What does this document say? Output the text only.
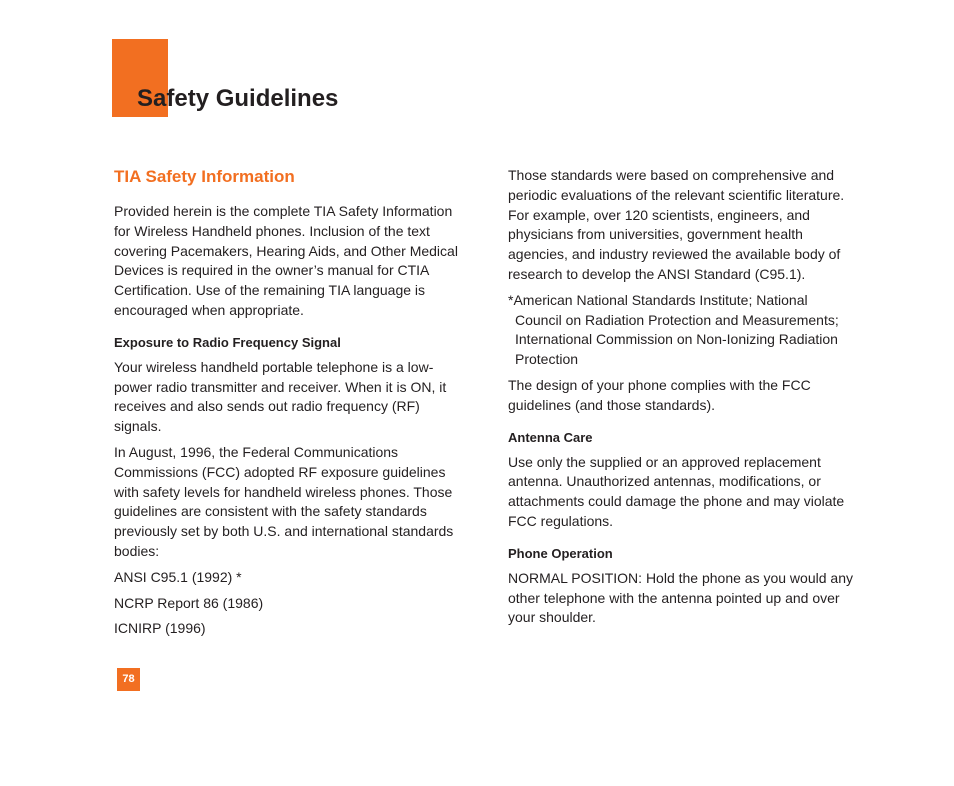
Safety Guidelines
TIA Safety Information

Provided herein is the complete TIA Safety Information for Wireless Handheld phones. Inclusion of the text covering Pacemakers, Hearing Aids, and Other Medical Devices is required in the owner’s manual for CTIA Certification. Use of the remaining TIA language is encouraged when appropriate.

Exposure to Radio Frequency Signal

Your wireless handheld portable telephone is a low-power radio transmitter and receiver. When it is ON, it receives and also sends out radio frequency (RF) signals.

In August, 1996, the Federal Communications Commissions (FCC) adopted RF exposure guidelines with safety levels for handheld wireless phones. Those guidelines are consistent with the safety standards previously set by both U.S. and international standards bodies:

ANSI C95.1 (1992) *

NCRP Report 86 (1986)

ICNIRP (1996)

Those standards were based on comprehensive and periodic evaluations of the relevant scientific literature. For example, over 120 scientists, engineers, and physicians from universities, government health agencies, and industry reviewed the available body of research to develop the ANSI Standard (C95.1).

*American National Standards Institute; National Council on Radiation Protection and Measurements; International Commission on Non-Ionizing Radiation Protection

The design of your phone complies with the FCC guidelines (and those standards).

Antenna Care

Use only the supplied or an approved replacement antenna. Unauthorized antennas, modifications, or attachments could damage the phone and may violate FCC regulations.

Phone Operation

NORMAL POSITION: Hold the phone as you would any other telephone with the antenna pointed up and over your shoulder.

78
